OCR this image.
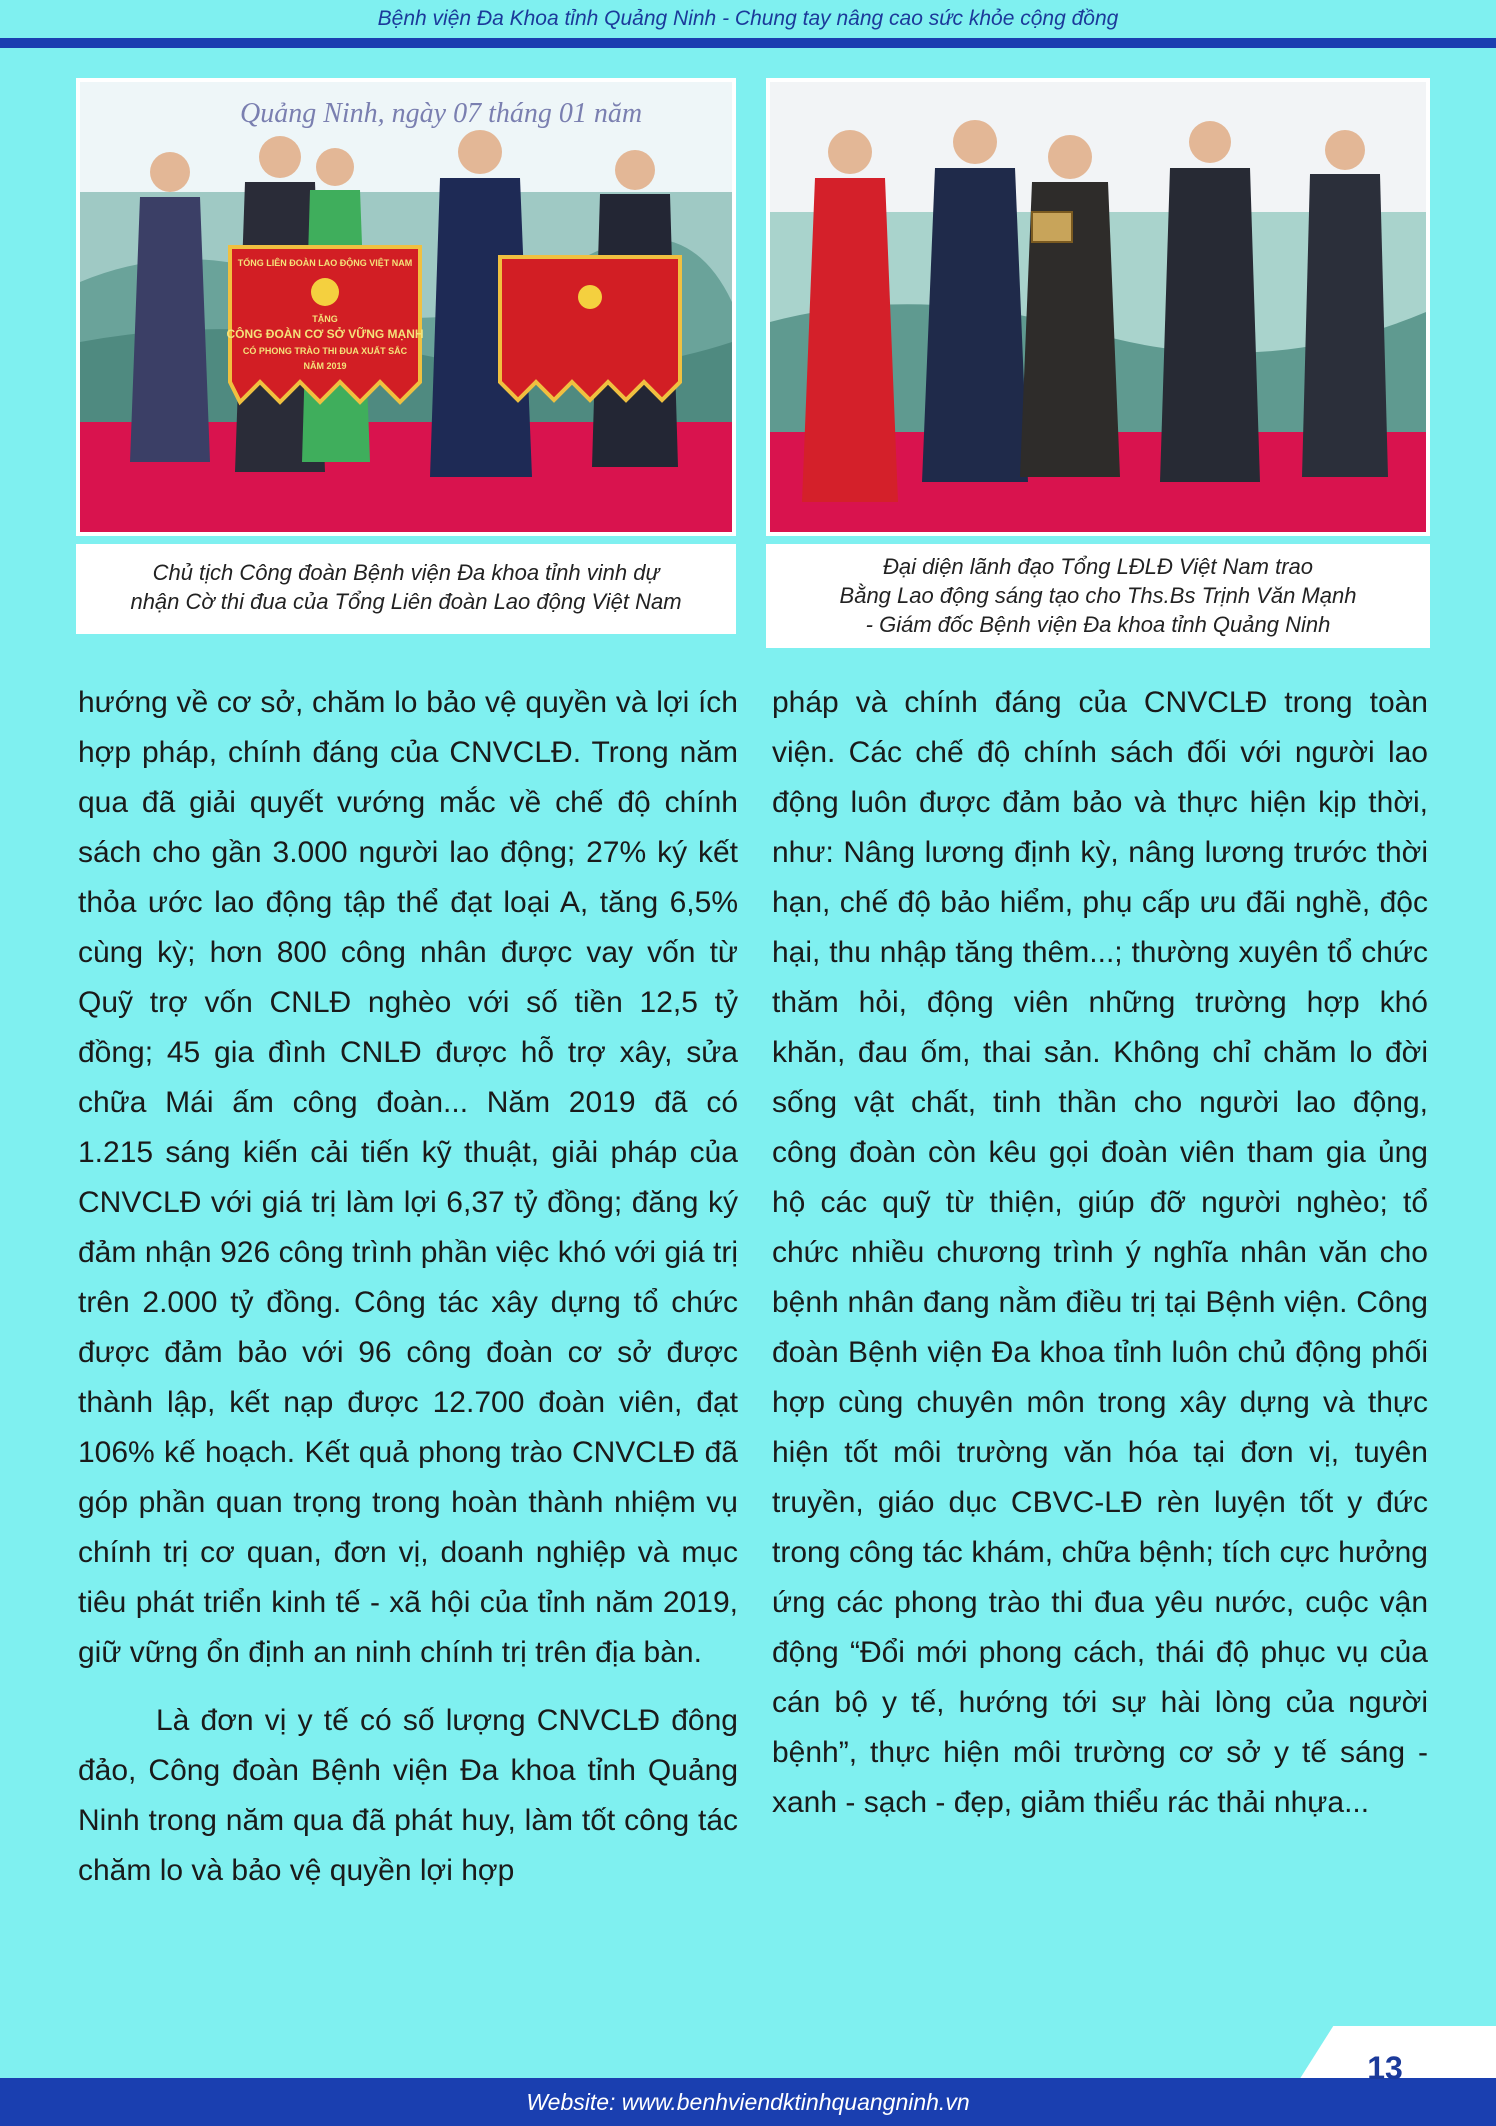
Bệnh viện Đa Khoa tỉnh Quảng Ninh - Chung tay nâng cao sức khỏe cộng đồng
Quảng Ninh, ngày 07 tháng 01 năm
TỔNG LIÊN ĐOÀN LAO ĐỘNG VIỆT NAM
TẶNG
CÔNG ĐOÀN CƠ SỞ VỮNG MẠNH
CÓ PHONG TRÀO THI ĐUA XUẤT SẮC
NĂM 2019
Chủ tịch Công đoàn Bệnh viện Đa khoa tỉnh vinh dự
nhận Cờ thi đua của Tổng Liên đoàn Lao động Việt Nam
Đại diện lãnh đạo Tổng LĐLĐ Việt Nam trao
Bằng Lao động sáng tạo cho Ths.Bs Trịnh Văn Mạnh
- Giám đốc Bệnh viện Đa khoa tỉnh Quảng Ninh

hướng về cơ sở, chăm lo bảo vệ quyền và lợi ích hợp pháp, chính đáng của CNVCLĐ. Trong năm qua đã giải quyết vướng mắc về chế độ chính sách cho gần 3.000 người lao động; 27% ký kết thỏa ước lao động tập thể đạt loại A, tăng 6,5% cùng kỳ; hơn 800 công nhân được vay vốn từ Quỹ trợ vốn CNLĐ nghèo với số tiền 12,5 tỷ đồng; 45 gia đình CNLĐ được hỗ trợ xây, sửa chữa Mái ấm công đoàn... Năm 2019 đã có 1.215 sáng kiến cải tiến kỹ thuật, giải pháp của CNVCLĐ với giá trị làm lợi 6,37 tỷ đồng; đăng ký đảm nhận 926 công trình phần việc khó với giá trị trên 2.000 tỷ đồng. Công tác xây dựng tổ chức được đảm bảo với 96 công đoàn cơ sở được thành lập, kết nạp được 12.700 đoàn viên, đạt 106% kế hoạch. Kết quả phong trào CNVCLĐ đã góp phần quan trọng trong hoàn thành nhiệm vụ chính trị cơ quan, đơn vị, doanh nghiệp và mục tiêu phát triển kinh tế - xã hội của tỉnh năm 2019, giữ vững ổn định an ninh chính trị trên địa bàn.

Là đơn vị y tế có số lượng CNVCLĐ đông đảo, Công đoàn Bệnh viện Đa khoa tỉnh Quảng Ninh trong năm qua đã phát huy, làm tốt công tác chăm lo và bảo vệ quyền lợi hợp

pháp và chính đáng của CNVCLĐ trong toàn viện. Các chế độ chính sách đối với người lao động luôn được đảm bảo và thực hiện kịp thời, như: Nâng lương định kỳ, nâng lương trước thời hạn, chế độ bảo hiểm, phụ cấp ưu đãi nghề, độc hại, thu nhập tăng thêm...; thường xuyên tổ chức thăm hỏi, động viên những trường hợp khó khăn, đau ốm, thai sản. Không chỉ chăm lo đời sống vật chất, tinh thần cho người lao động, công đoàn còn kêu gọi đoàn viên tham gia ủng hộ các quỹ từ thiện, giúp đỡ người nghèo; tổ chức nhiều chương trình ý nghĩa nhân văn cho bệnh nhân đang nằm điều trị tại Bệnh viện. Công đoàn Bệnh viện Đa khoa tỉnh luôn chủ động phối hợp cùng chuyên môn trong xây dựng và thực hiện tốt môi trường văn hóa tại đơn vị, tuyên truyền, giáo dục CBVC-LĐ rèn luyện tốt y đức trong công tác khám, chữa bệnh; tích cực hưởng ứng các phong trào thi đua yêu nước, cuộc vận động “Đổi mới phong cách, thái độ phục vụ của cán bộ y tế, hướng tới sự hài lòng của người bệnh”, thực hiện môi trường cơ sở y tế sáng - xanh - sạch - đẹp, giảm thiểu rác thải nhựa...

Website: www.benhviendktinhquangninh.vn
13
